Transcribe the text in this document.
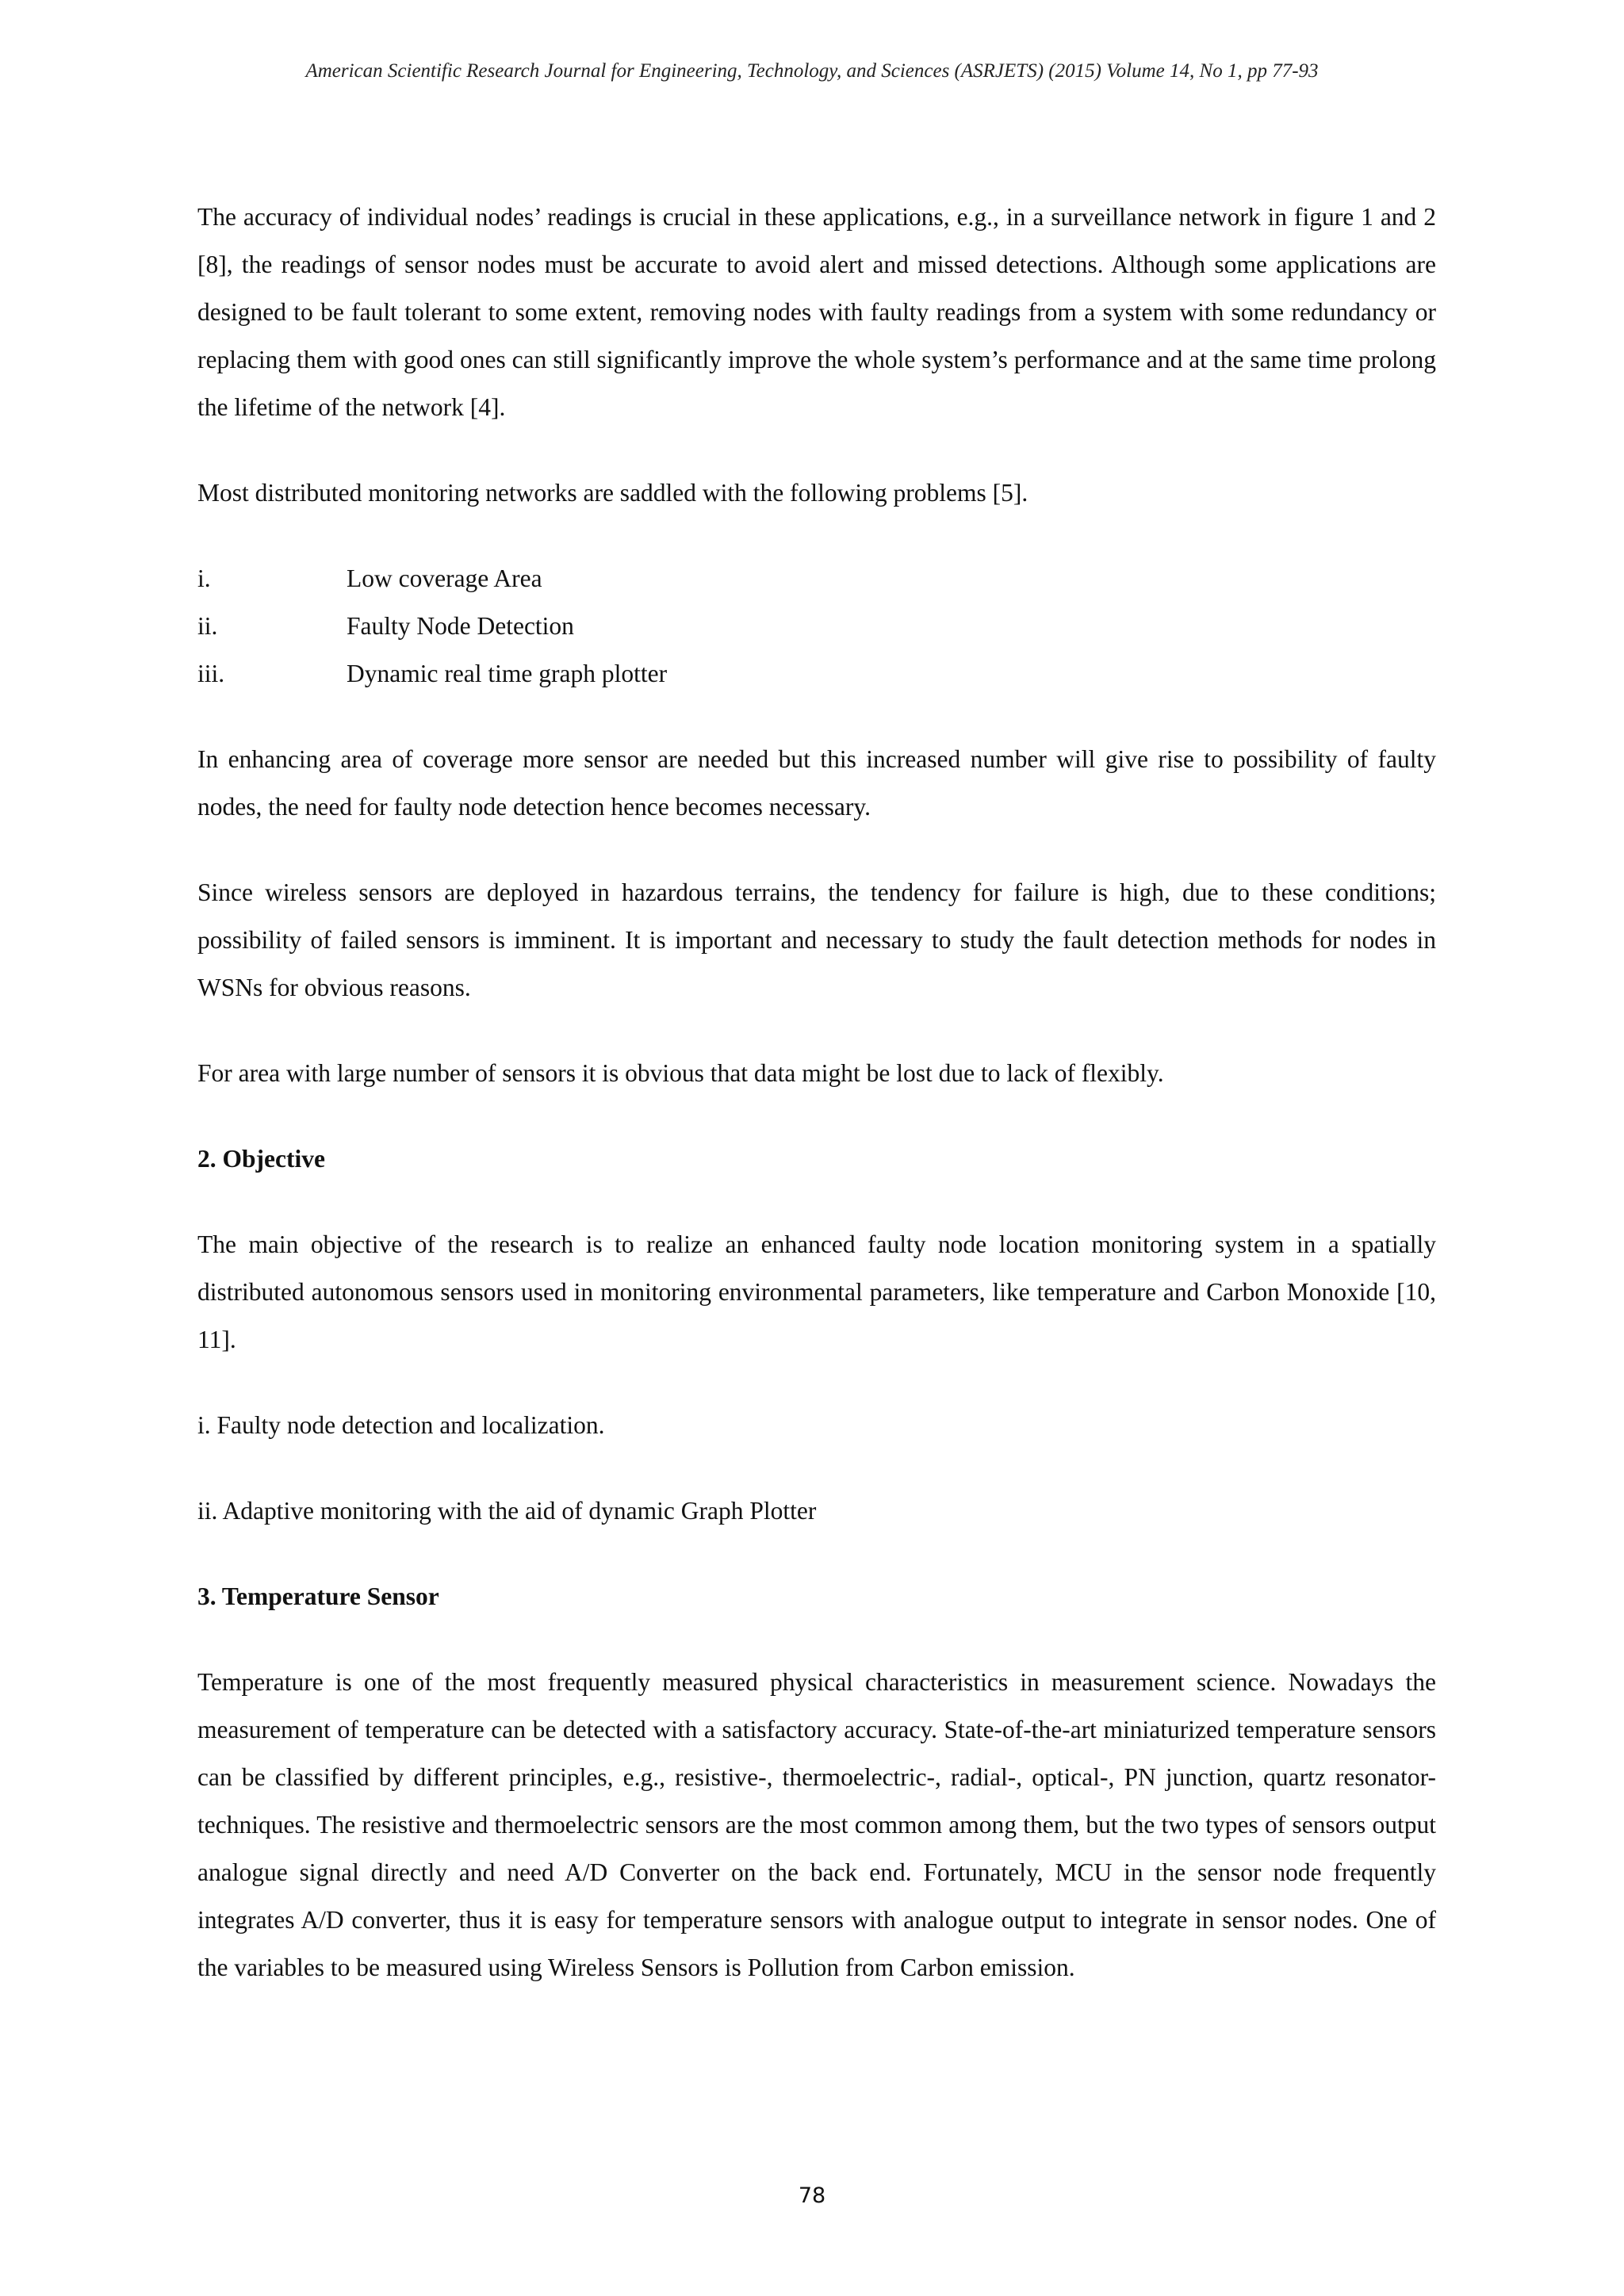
American Scientific Research Journal for Engineering, Technology, and Sciences (ASRJETS) (2015) Volume 14, No 1, pp 77-93

The accuracy of individual nodes’ readings is crucial in these applications, e.g., in a surveillance network in figure 1 and 2 [8], the readings of sensor nodes must be accurate to avoid alert and missed detections. Although some applications are designed to be fault tolerant to some extent, removing nodes with faulty readings from a system with some redundancy or replacing them with good ones can still significantly improve the whole system’s performance and at the same time prolong the lifetime of the network [4].

Most distributed monitoring networks are saddled with the following problems [5].

i.	Low coverage Area
ii.	Faulty Node Detection
iii.	Dynamic real time graph plotter

In enhancing area of coverage more sensor are needed but this increased number will give rise to possibility of faulty nodes, the need for faulty node detection hence becomes necessary.

Since wireless sensors are deployed in hazardous terrains, the tendency for failure is high, due to these conditions; possibility of failed sensors is imminent. It is important and necessary to study the fault detection methods for nodes in WSNs for obvious reasons.

For area with large number of sensors it is obvious that data might be lost due to lack of flexibly.

2. Objective

The main objective of the research is to realize an enhanced faulty node location monitoring system in a spatially distributed autonomous sensors used in monitoring environmental parameters, like temperature and Carbon Monoxide [10, 11].

i. Faulty node detection and localization.

ii. Adaptive monitoring with the aid of dynamic Graph Plotter

3. Temperature Sensor

Temperature is one of the most frequently measured physical characteristics in measurement science. Nowadays the measurement of temperature can be detected with a satisfactory accuracy. State-of-the-art miniaturized temperature sensors can be classified by different principles, e.g., resistive-, thermoelectric-, radial-, optical-, PN junction, quartz resonator- techniques. The resistive and thermoelectric sensors are the most common among them, but the two types of sensors output analogue signal directly and need A/D Converter on the back end. Fortunately, MCU in the sensor node frequently integrates A/D converter, thus it is easy for temperature sensors with analogue output to integrate in sensor nodes. One of the variables to be measured using Wireless Sensors is Pollution from Carbon emission.

78
